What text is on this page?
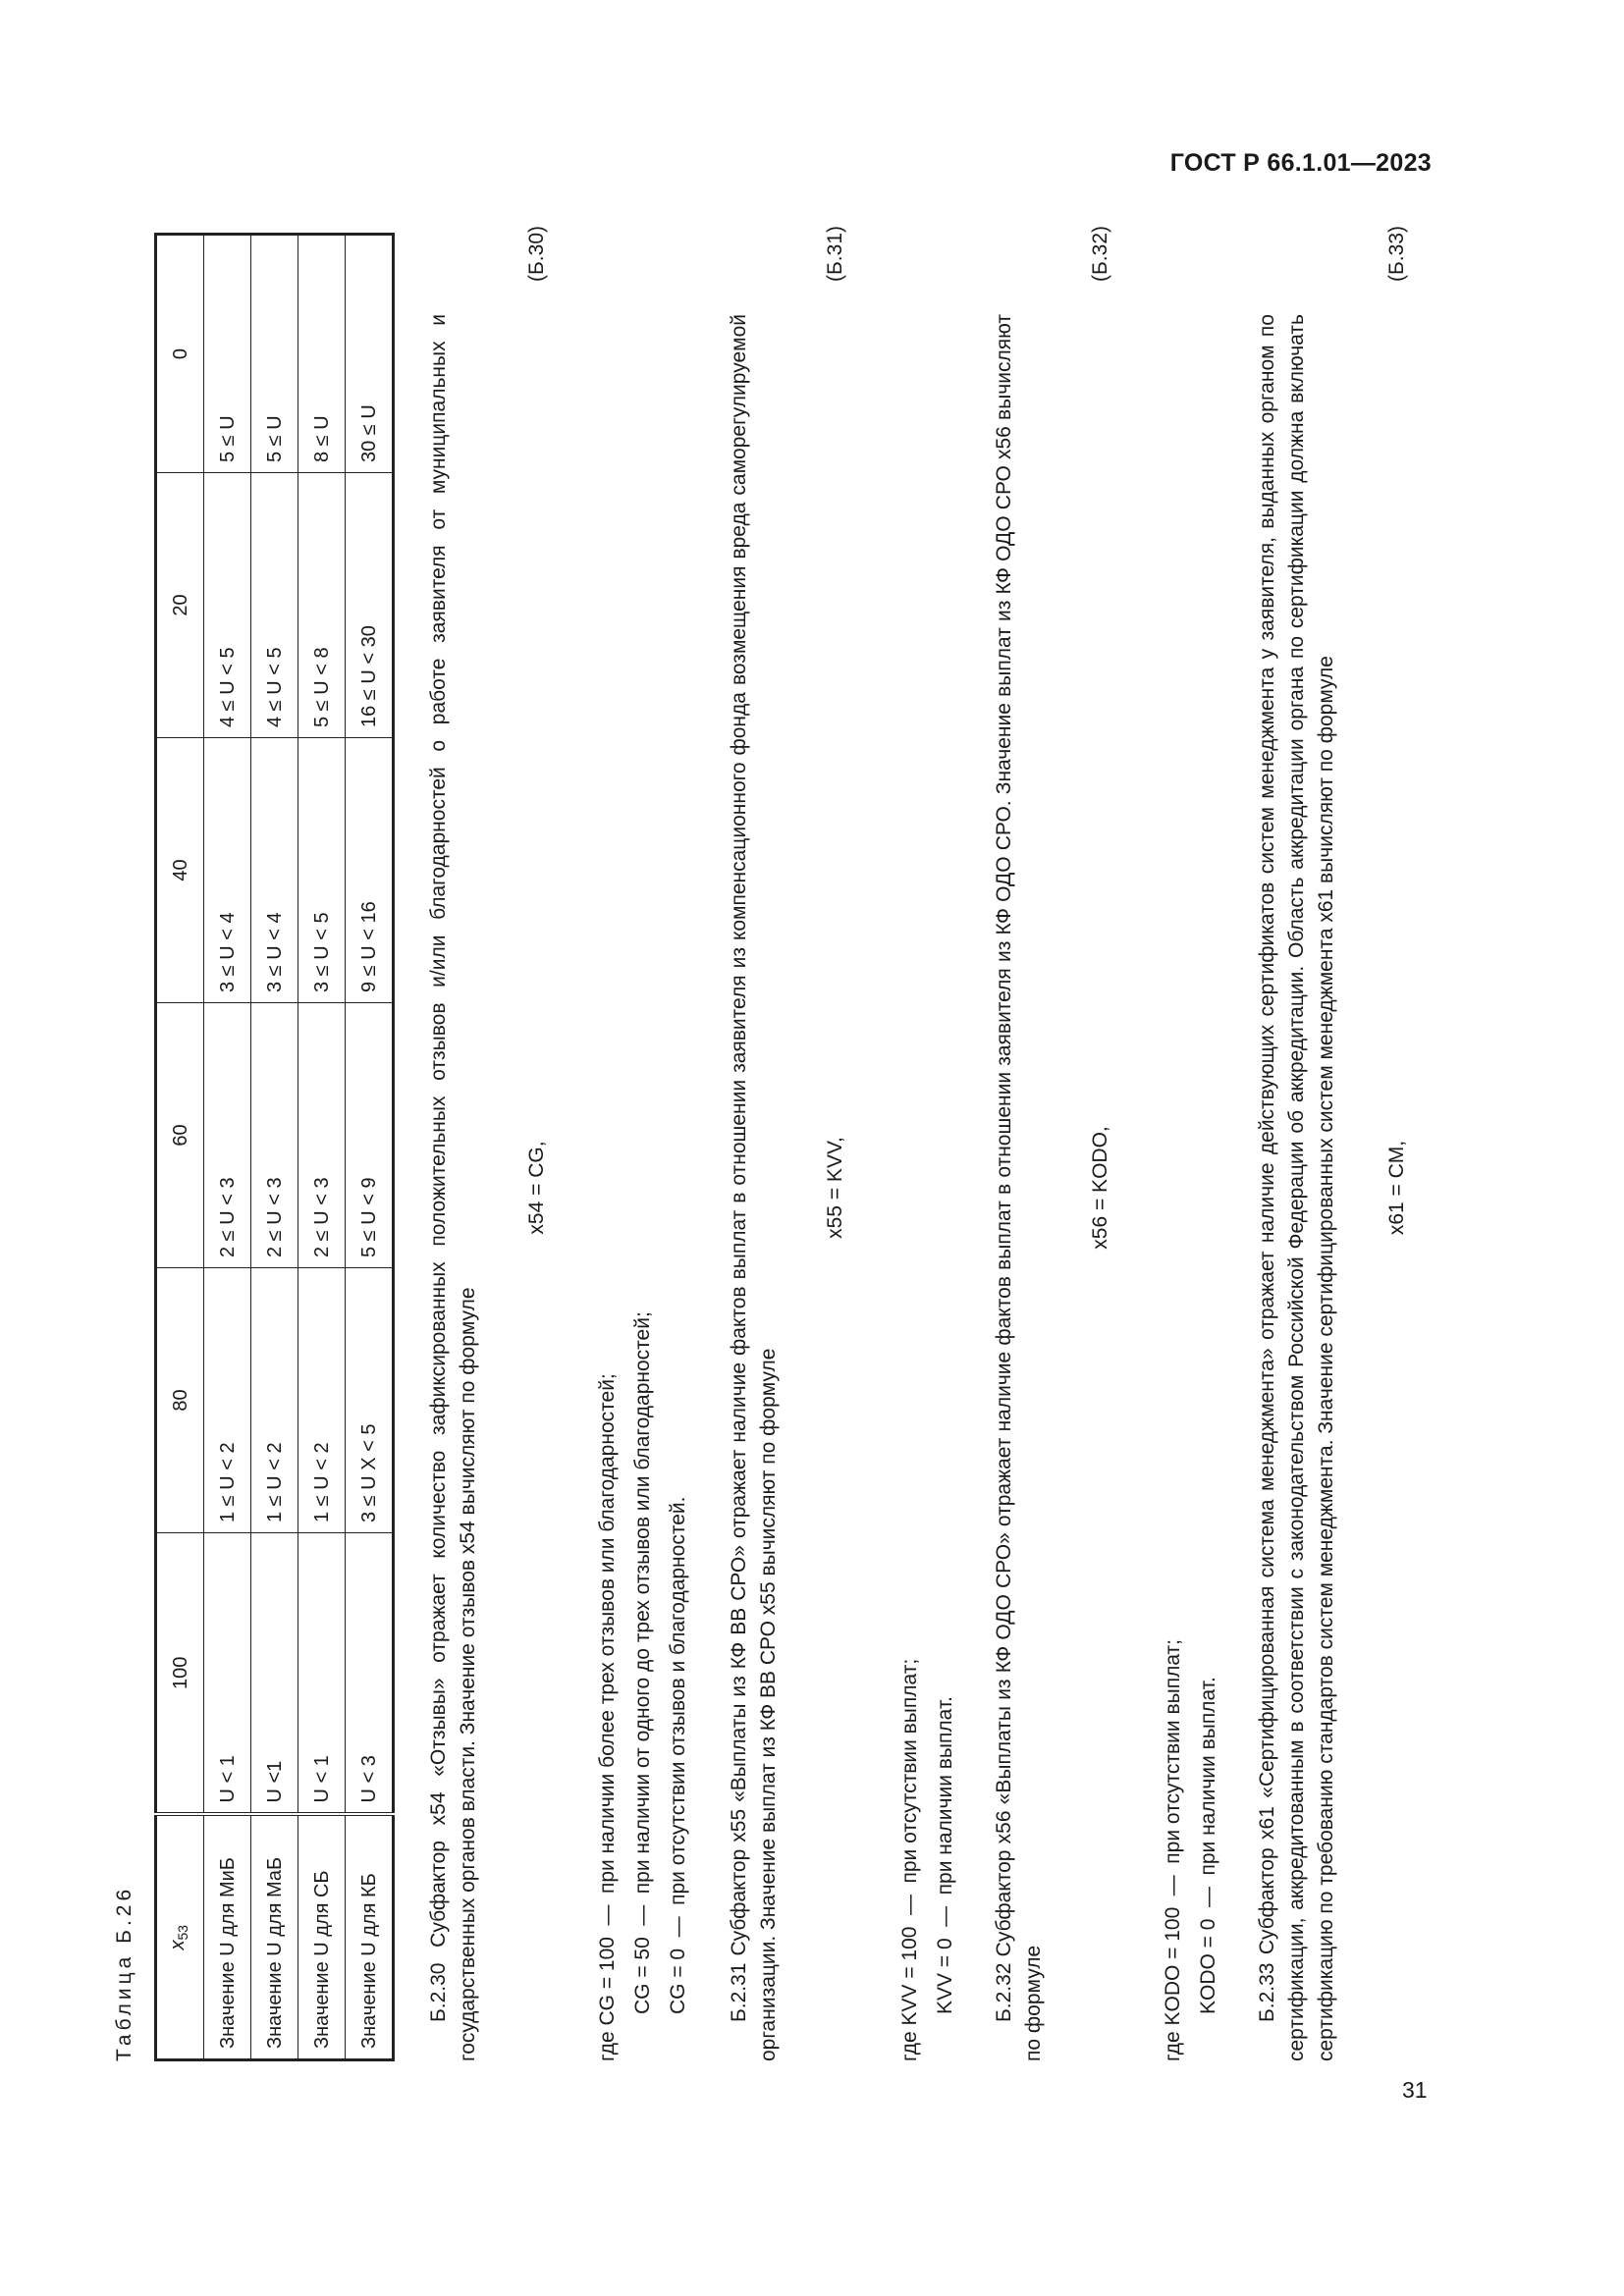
ГОСТ Р 66.1.01—2023
31
Таблица Б.26 $x_{53}$	100	80	60	40	20	0
Значение U для МиБ	U < 1	1 ≤ U < 2	2 ≤ U < 3	3 ≤ U < 4	4 ≤ U < 5	5 ≤ U
Значение U для МаБ	U <1	1 ≤ U < 2	2 ≤ U < 3	3 ≤ U < 4	4 ≤ U < 5	5 ≤ U
Значение U для СБ	U < 1	1 ≤ U < 2	2 ≤ U < 3	3 ≤ U < 5	5 ≤ U < 8	8 ≤ U
Значение U для КБ	U < 3	3 ≤ U X < 5	5 ≤ U < 9	9 ≤ U < 16	16 ≤ U < 30	30 ≤ U Б.2.30 Субфактор x54 «Отзывы» отражает количество зафиксированных положительных отзывов и/или благодарностей о работе заявителя от муниципальных и государственных органов власти. Значение отзывов x54 вычисляют по формуле
x54 = CG,
(Б.30)
где CG = 100—при наличии более трех отзывов или благодарностей;
CG = 50—при наличии от одного до трех отзывов или благодарностей;
CG = 0—при отсутствии отзывов и благодарностей. Б.2.31 Субфактор x55 «Выплаты из КФ ВВ СРО» отражает наличие фактов выплат в отношении заявителя из компенсационного фонда возмещения вреда саморегулируемой организации. Значение выплат из КФ ВВ СРО x55 вычисляют по формуле
x55 = KVV,
(Б.31)
где KVV = 100—при отсутствии выплат;
KVV = 0—при наличии выплат. Б.2.32 Субфактор x56 «Выплаты из КФ ОДО СРО» отражает наличие фактов выплат в отношении заявителя из КФ ОДО СРО. Значение выплат из КФ ОДО СРО x56 вычисляют по формуле
x56 = KODO,
(Б.32)
где KODO = 100—при отсутствии выплат;
KODO = 0—при наличии выплат. Б.2.33 Субфактор x61 «Сертифицированная система менеджмента» отражает наличие действующих сертификатов систем менеджмента у заявителя, выданных органом по сертификации, аккредитованным в соответствии с законодательством Российской Федерации об аккредитации. Область аккредитации органа по сертификации должна включать сертификацию по требованию стандартов систем менеджмента. Значение сертифицированных систем менеджмента x61 вычисляют по формуле x61 = CM,
(Б.33)
